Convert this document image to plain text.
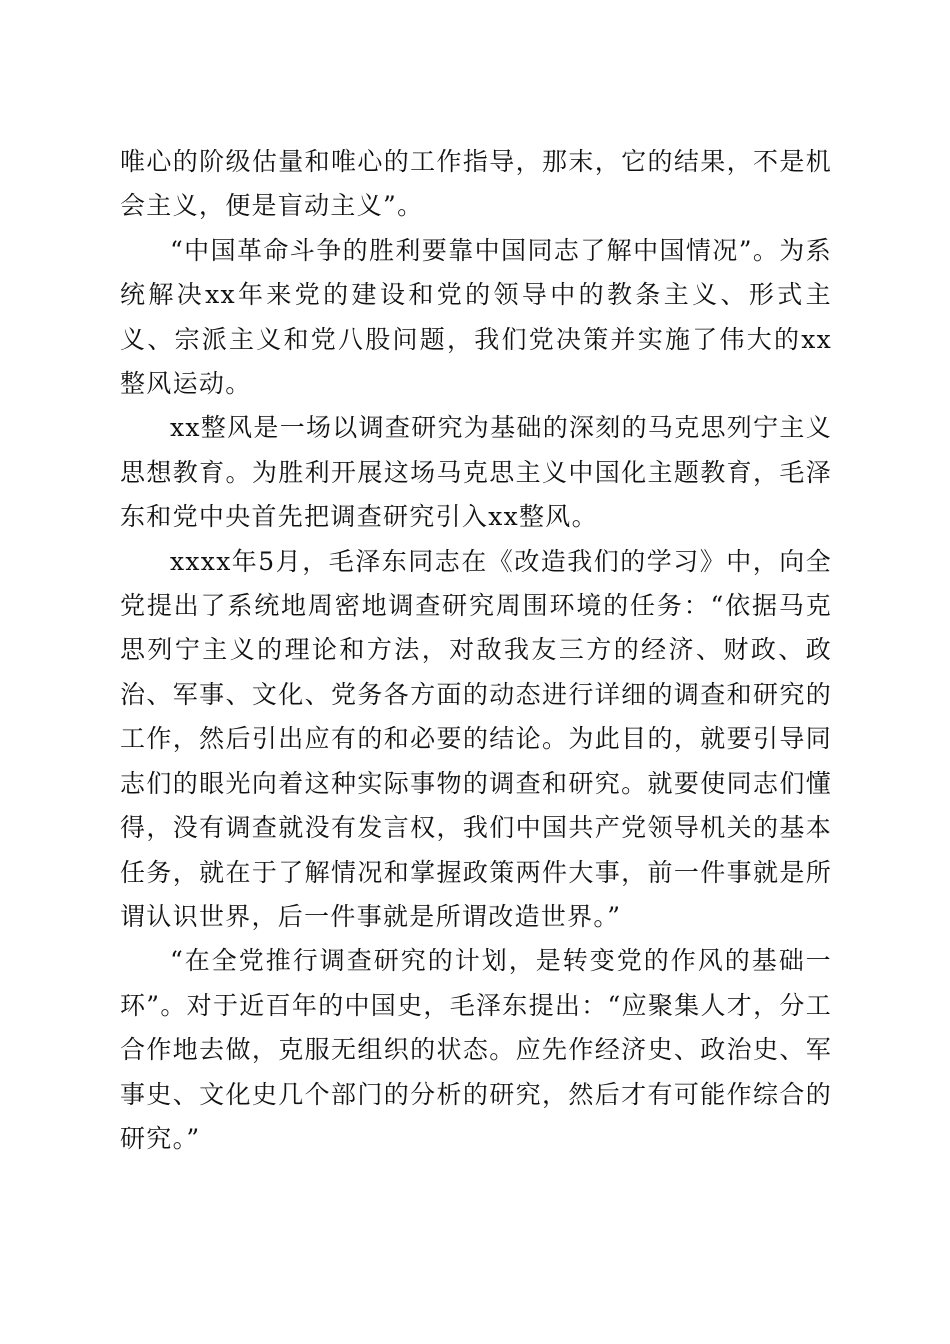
唯心的阶级估量和唯心的工作指导，那末，它的结果，不是机会主义，便是盲动主义”。

“中国革命斗争的胜利要靠中国同志了解中国情况”。为系统解决xx年来党的建设和党的领导中的教条主义、形式主义、宗派主义和党八股问题，我们党决策并实施了伟大的xx整风运动。

xx整风是一场以调查研究为基础的深刻的马克思列宁主义思想教育。为胜利开展这场马克思主义中国化主题教育，毛泽东和党中央首先把调查研究引入xx整风。

xxxx年5月，毛泽东同志在《改造我们的学习》中，向全党提出了系统地周密地调查研究周围环境的任务：“依据马克思列宁主义的理论和方法，对敌我友三方的经济、财政、政治、军事、文化、党务各方面的动态进行详细的调查和研究的工作，然后引出应有的和必要的结论。为此目的，就要引导同志们的眼光向着这种实际事物的调查和研究。就要使同志们懂得，没有调查就没有发言权，我们中国共产党领导机关的基本任务，就在于了解情况和掌握政策两件大事，前一件事就是所谓认识世界，后一件事就是所谓改造世界。”

“在全党推行调查研究的计划，是转变党的作风的基础一环”。对于近百年的中国史，毛泽东提出：“应聚集人才，分工合作地去做，克服无组织的状态。应先作经济史、政治史、军事史、文化史几个部门的分析的研究，然后才有可能作综合的研究。”
